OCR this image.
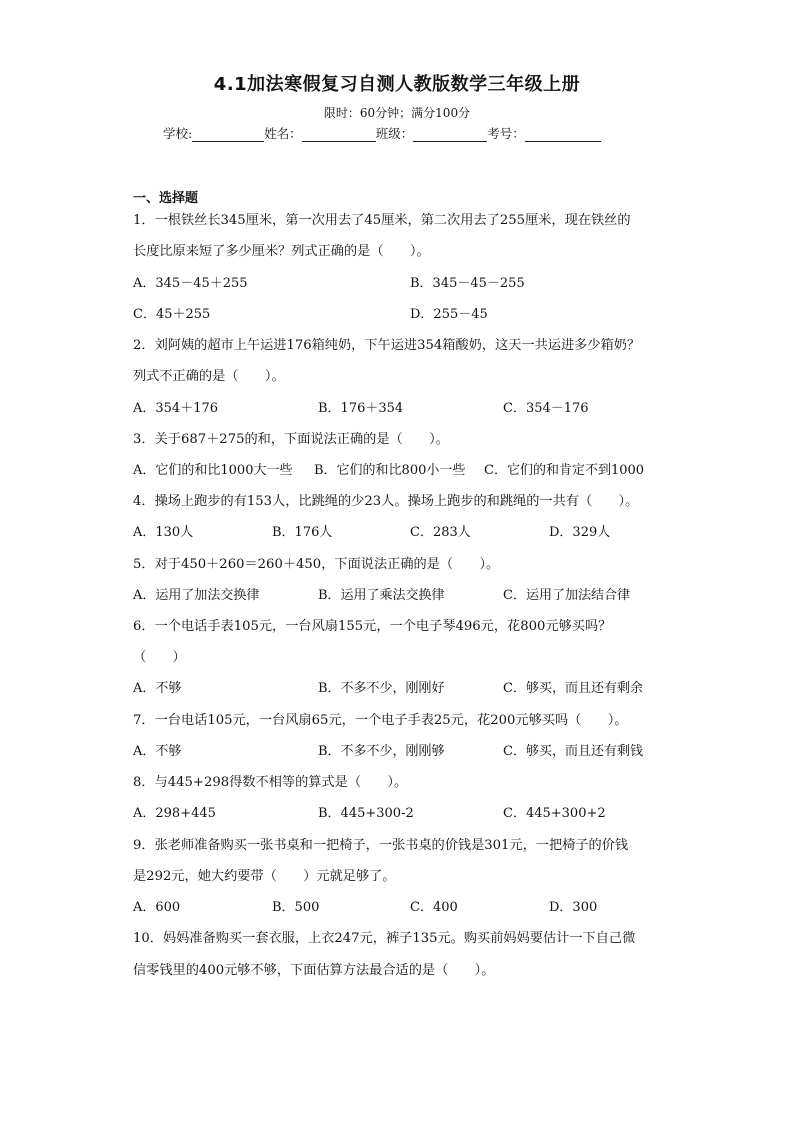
4.1加法寒假复习自测人教版数学三年级上册
限时：60分钟；满分100分
学校:	姓名：	班级：	考号：
一、选择题
1．一根铁丝长345厘米，第一次用去了45厘米，第二次用去了255厘米，现在铁丝的
长度比原来短了多少厘米？列式正确的是（　　）。
A．345－45＋255	B．345－45－255
C．45＋255	D．255－45
2．刘阿姨的超市上午运进176箱纯奶，下午运进354箱酸奶，这天一共运进多少箱奶？
列式不正确的是（　　）。
A．354＋176	B．176＋354	C．354－176
3．关于687＋275的和，下面说法正确的是（　　）。
A．它们的和比1000大一些 B．它们的和比800小一些 C．它们的和肯定不到1000
4．操场上跑步的有153人，比跳绳的少23人。操场上跑步的和跳绳的一共有（　　）。
A．130人	B．176人	C．283人	D．329人
5．对于450＋260＝260＋450，下面说法正确的是（　　）。
A．运用了加法交换律	B．运用了乘法交换律	C．运用了加法结合律
6．一个电话手表105元，一台风扇155元，一个电子琴496元，花800元够买吗？
（　　）
A．不够	B．不多不少，刚刚好	C．够买，而且还有剩余
7．一台电话105元，一台风扇65元，一个电子手表25元，花200元够买吗（　　）。
A．不够	B．不多不少，刚刚够	C．够买，而且还有剩钱
8．与445+298得数不相等的算式是（　　）。
A．298+445	B．445+300-2	C．445+300+2
9．张老师准备购买一张书桌和一把椅子，一张书桌的价钱是301元，一把椅子的价钱
是292元，她大约要带（　　）元就足够了。
A．600	B．500	C．400	D．300
10．妈妈准备购买一套衣服，上衣247元，裤子135元。购买前妈妈要估计一下自己微
信零钱里的400元够不够，下面估算方法最合适的是（　　）。
